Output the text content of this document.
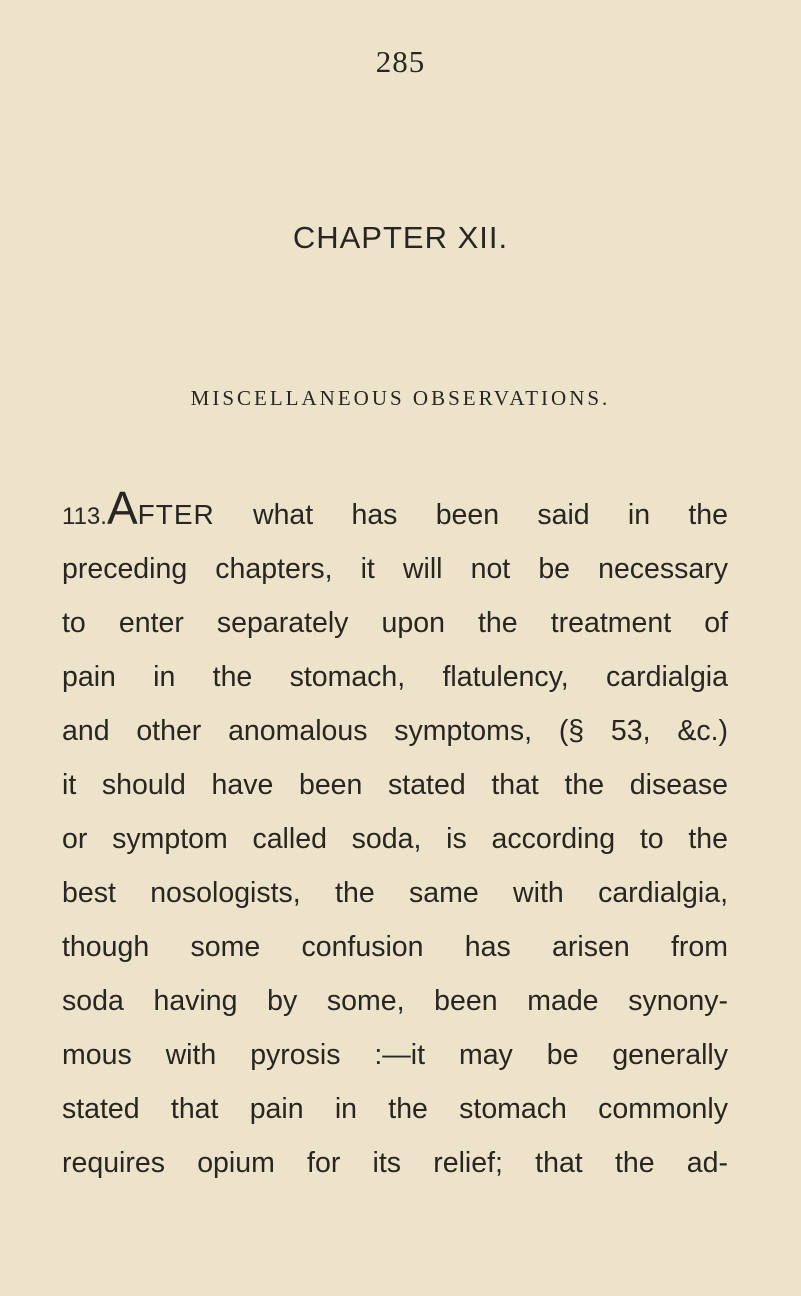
285
CHAPTER XII.
MISCELLANEOUS OBSERVATIONS.
113.AFTER what has been said in the
preceding chapters, it will not be necessary
to enter separately upon the treatment of
pain in the stomach, flatulency, cardialgia
and other anomalous symptoms, (§ 53, &c.)
it should have been stated that the disease
or symptom called soda, is according to the
best nosologists, the same with cardialgia,
though some confusion has arisen from
soda having by some, been made synony-
mous with pyrosis :—it may be generally
stated that pain in the stomach commonly
requires opium for its relief; that the ad-
